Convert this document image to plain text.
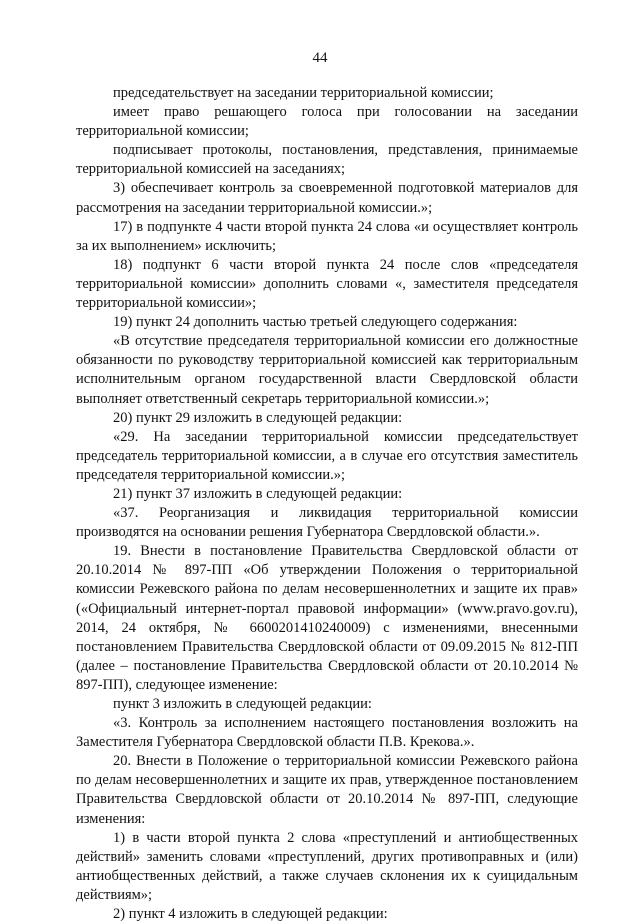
44

председательствует на заседании территориальной комиссии;

имеет право решающего голоса при голосовании на заседании территориальной комиссии;

подписывает протоколы, постановления, представления, принимаемые территориальной комиссией на заседаниях;

3) обеспечивает контроль за своевременной подготовкой материалов для рассмотрения на заседании территориальной комиссии.»;

17) в подпункте 4 части второй пункта 24 слова «и осуществляет контроль за их выполнением» исключить;

18) подпункт 6 части второй пункта 24 после слов «председателя территориальной комиссии» дополнить словами «, заместителя председателя территориальной комиссии»;

19) пункт 24 дополнить частью третьей следующего содержания:

«В отсутствие председателя территориальной комиссии его должностные обязанности по руководству территориальной комиссией как территориальным исполнительным органом государственной власти Свердловской области выполняет ответственный секретарь территориальной комиссии.»;

20) пункт 29 изложить в следующей редакции:

«29. На заседании территориальной комиссии председательствует председатель территориальной комиссии, а в случае его отсутствия заместитель председателя территориальной комиссии.»;

21) пункт 37 изложить в следующей редакции:

«37. Реорганизация и ликвидация территориальной комиссии производятся на основании решения Губернатора Свердловской области.».

19. Внести в постановление Правительства Свердловской области от 20.10.2014 № 897-ПП «Об утверждении Положения о территориальной комиссии Режевского района по делам несовершеннолетних и защите их прав» («Официальный интернет-портал правовой информации» (www.pravo.gov.ru), 2014, 24 октября, № 6600201410240009) с изменениями, внесенными постановлением Правительства Свердловской области от 09.09.2015 № 812-ПП (далее – постановление Правительства Свердловской области от 20.10.2014 № 897-ПП), следующее изменение:

пункт 3 изложить в следующей редакции:

«3. Контроль за исполнением настоящего постановления возложить на Заместителя Губернатора Свердловской области П.В. Крекова.».

20. Внести в Положение о территориальной комиссии Режевского района по делам несовершеннолетних и защите их прав, утвержденное постановлением Правительства Свердловской области от 20.10.2014 № 897-ПП, следующие изменения:

1) в части второй пункта 2 слова «преступлений и антиобщественных действий» заменить словами «преступлений, других противоправных и (или) антиобщественных действий, а также случаев склонения их к суицидальным действиям»;

2) пункт 4 изложить в следующей редакции:
